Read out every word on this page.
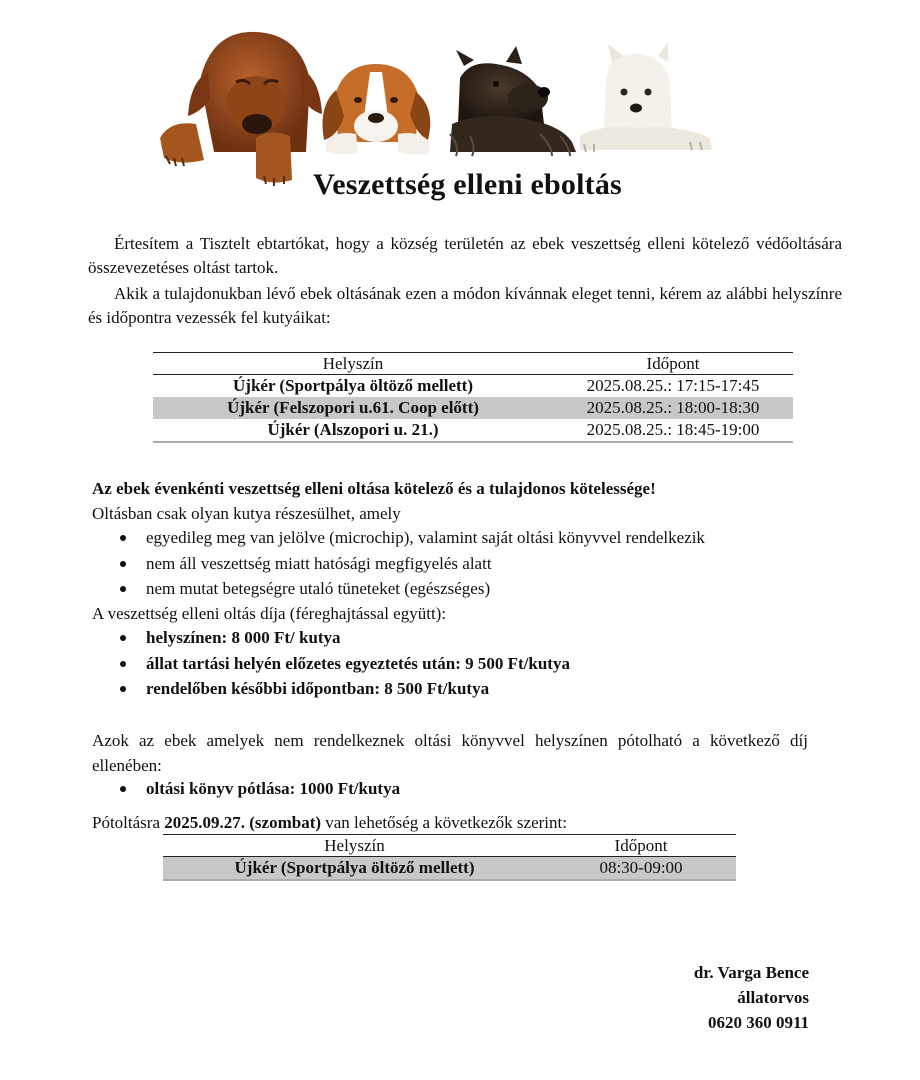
Veszettség elleni eboltás
Értesítem a Tisztelt ebtartókat, hogy a község területén az ebek veszettség elleni kötelező védőoltására összevezetéses oltást tartok.
Akik a tulajdonukban lévő ebek oltásának ezen a módon kívánnak eleget tenni, kérem az alábbi helyszínre és időpontra vezessék fel kutyáikat:
Helyszín	Időpont
Újkér (Sportpálya öltöző mellett)	2025.08.25.: 17:15-17:45
Újkér (Felszopori u.61. Coop előtt)	2025.08.25.: 18:00-18:30
Újkér (Alszopori u. 21.)	2025.08.25.: 18:45-19:00
Az ebek évenkénti veszettség elleni oltása kötelező és a tulajdonos kötelessége!
Oltásban csak olyan kutya részesülhet, amely
egyedileg meg van jelölve (microchip), valamint saját oltási könyvvel rendelkezik
nem áll veszettség miatt hatósági megfigyelés alatt
nem mutat betegségre utaló tüneteket (egészséges)
A veszettség elleni oltás díja (féreghajtással együtt):
helyszínen: 8 000 Ft/ kutya
állat tartási helyén előzetes egyeztetés után: 9 500 Ft/kutya
rendelőben későbbi időpontban: 8 500 Ft/kutya
Azok az ebek amelyek nem rendelkeznek oltási könyvvel helyszínen pótolható a következő díj ellenében:
oltási könyv pótlása: 1000 Ft/kutya
Pótoltásra 2025.09.27. (szombat) van lehetőség a következők szerint:
Helyszín	Időpont
Újkér (Sportpálya öltöző mellett)	08:30-09:00
dr. Varga Bence
állatorvos
0620 360 0911
